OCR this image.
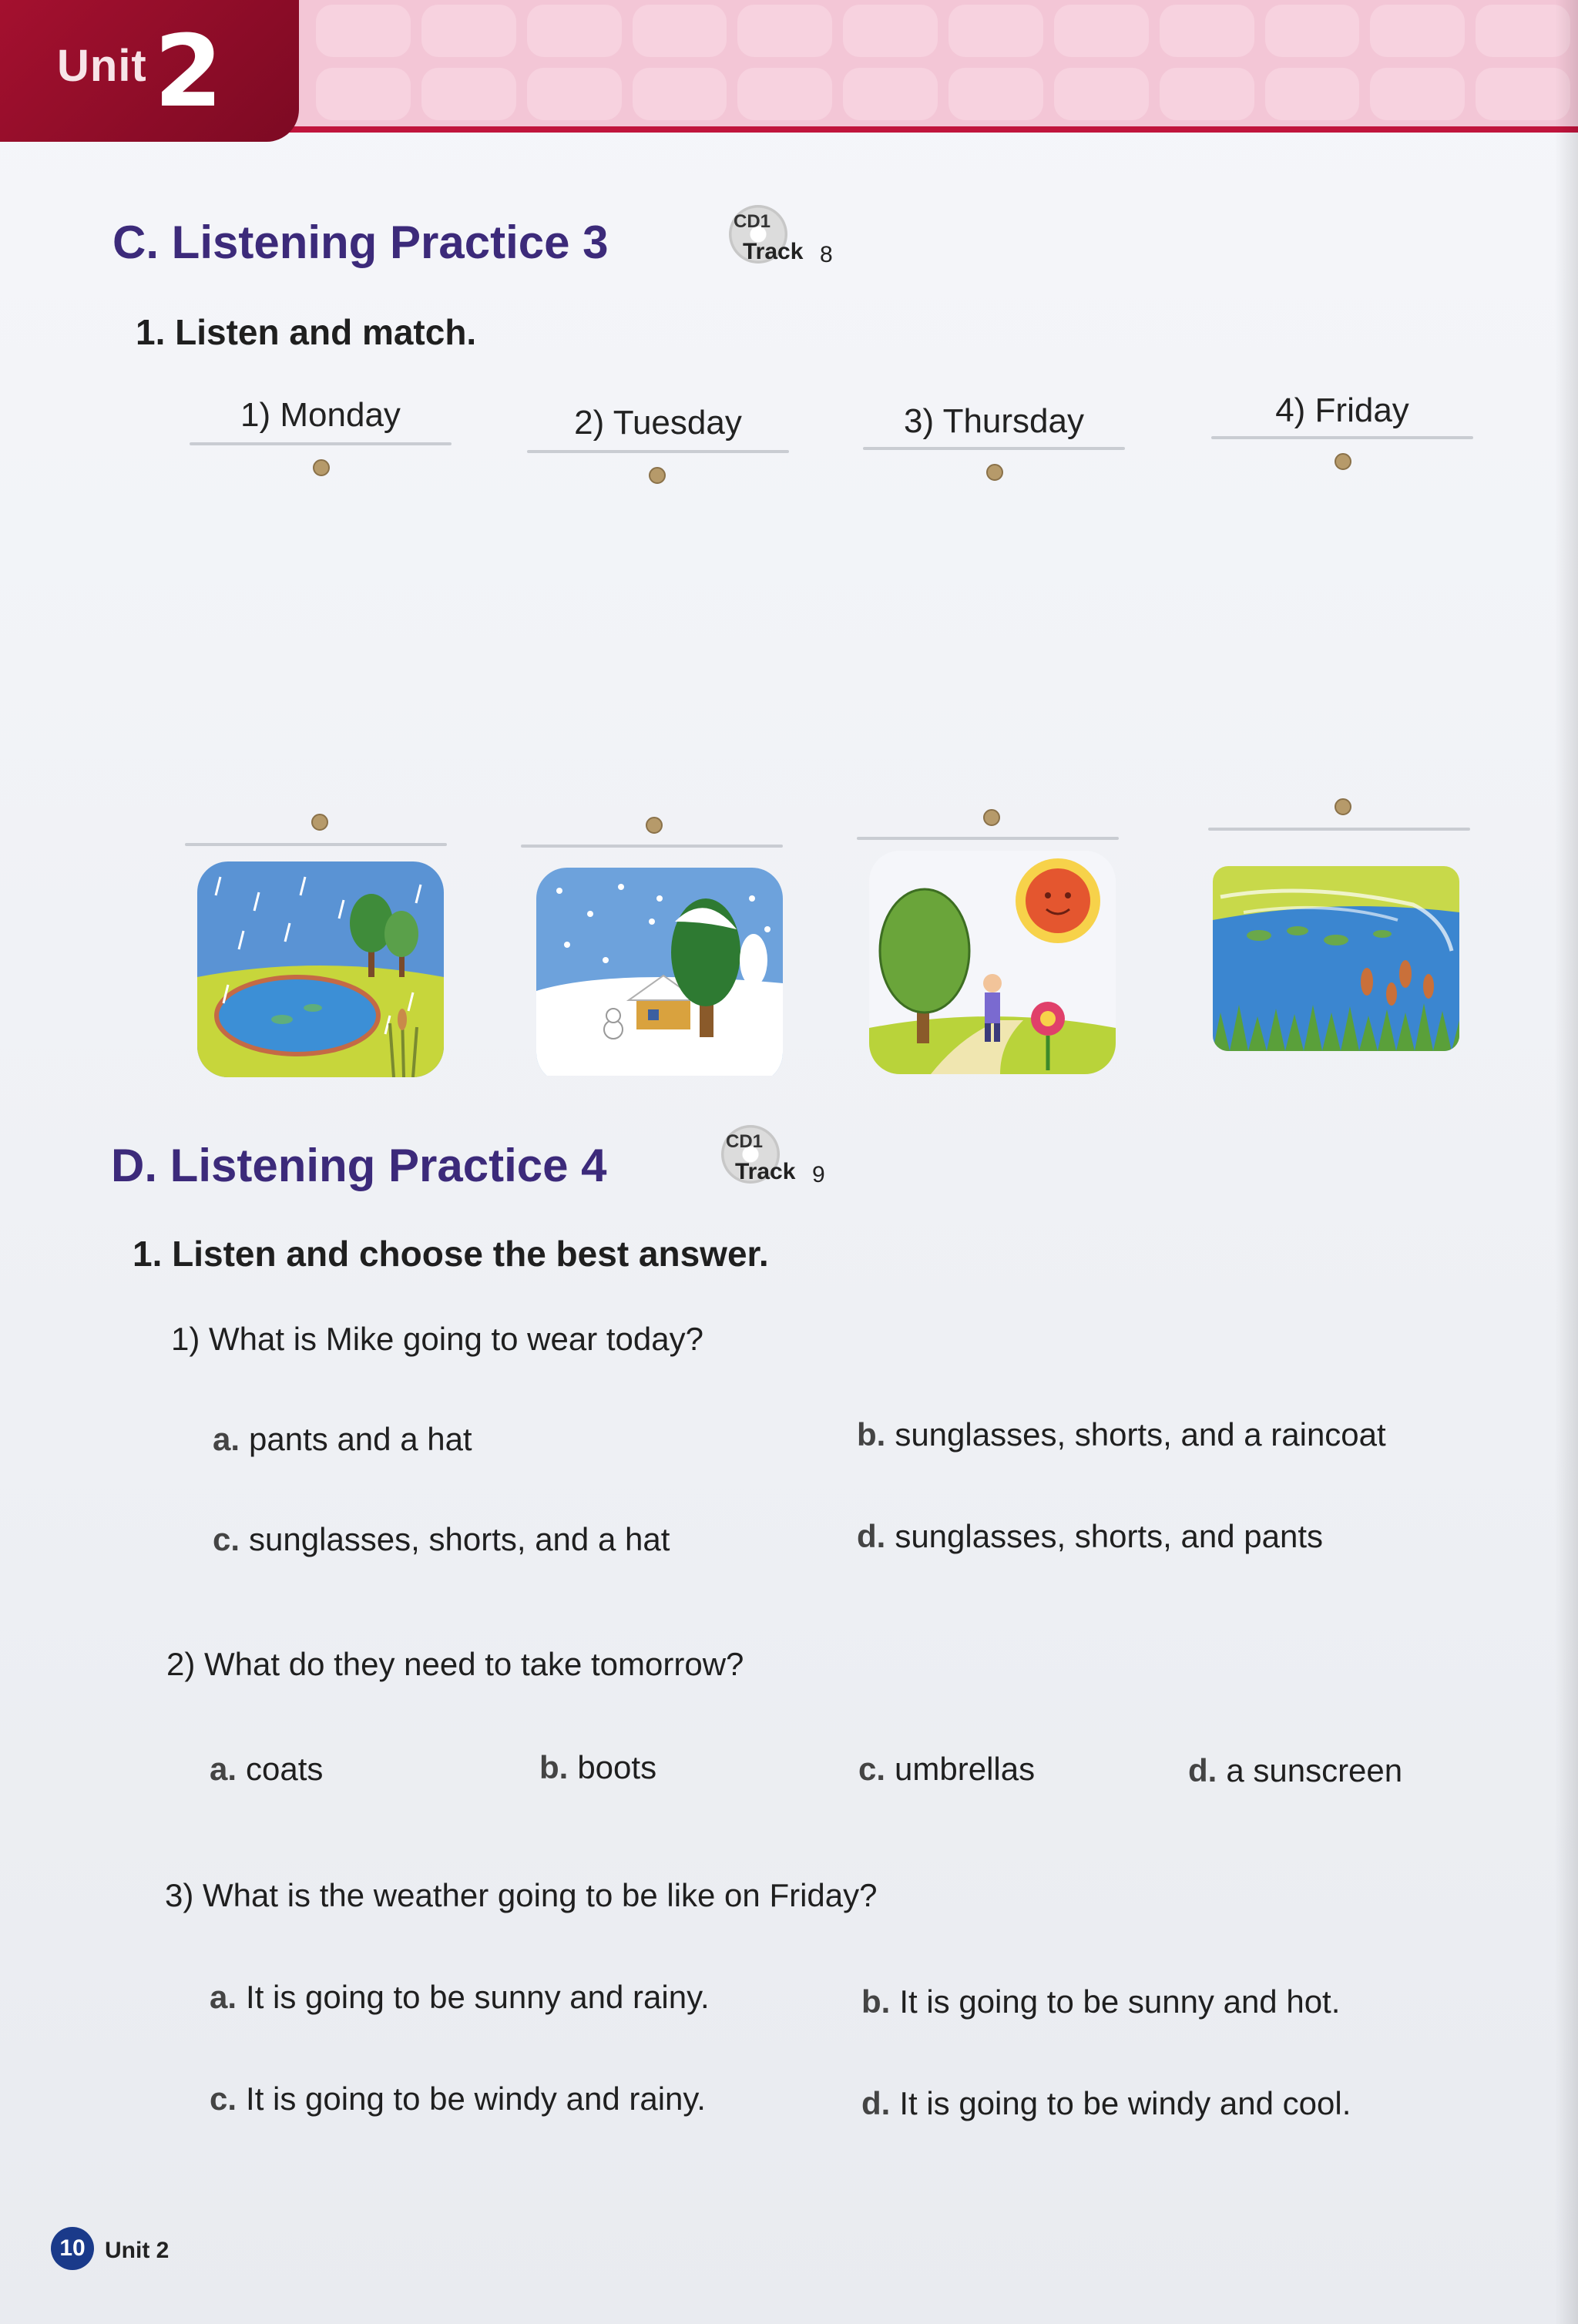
Unit 2
C. Listening Practice 3	CD1
Track 8
1. Listen and match.
1) Monday	2) Tuesday	3) Thursday	4) Friday
D. Listening Practice 4	CD1
Track 9
1. Listen and choose the best answer.
1) What is Mike going to wear today?
a. pants and a hat	b. sunglasses, shorts, and a raincoat
c. sunglasses, shorts, and a hat	d. sunglasses, shorts, and pants
2) What do they need to take tomorrow?
a. coats	b. boots	c. umbrellas	d. a sunscreen
3) What is the weather going to be like on Friday?
a. It is going to be sunny and rainy.	b. It is going to be sunny and hot.
c. It is going to be windy and rainy.	d. It is going to be windy and cool.
10 Unit 2
